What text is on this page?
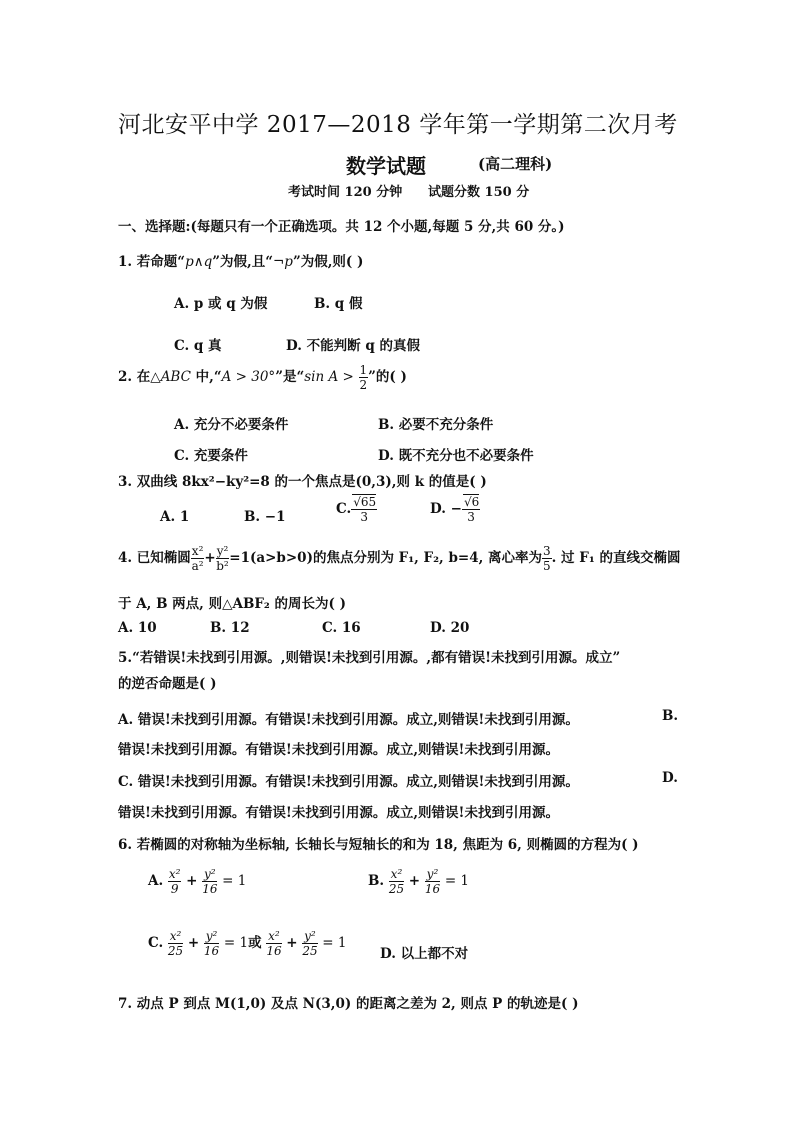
河北安平中学 2017—2018 学年第一学期第二次月考
数学试题	(高二理科)
考试时间 120 分钟 试题分数 150 分
一、选择题:(每题只有一个正确选项。共 12 个小题,每题 5 分,共 60 分。)
1. 若命题“p∧q”为假,且“¬p”为假,则( )
A. p 或 q 为假	B. q 假
C. q 真	D. 不能判断 q 的真假
2. 在△ABC 中,“A > 30°”是“sin $A > \frac{1}{2}$ ”的( )
A. 充分不必要条件	B. 必要不充分条件
C. 充要条件	D. 既不充分也不必要条件
3. 双曲线 8kx²−ky²=8 的一个焦点是(0,3),则 k 的值是( )
A. 1	B. −1	C. $\frac{√65}{3}$	D. − $\frac{√6}{3}$
4. 已知椭圆 $\frac{\text{x²}}{\text{a²}} + \frac{\text{y²}}{\text{b²}} =1(a>b>0)$的焦点分别为 F₁, F₂, b=4, 离心率为 $\frac{3}{5}$ . 过 F₁ 的直线交椭圆
于 A, B 两点, 则△ABF₂ 的周长为( )
A. 10	B. 12	C. 16	D. 20
5.“若错误!未找到引用源。,则错误!未找到引用源。,都有错误!未找到引用源。成立”
的逆否命题是( )
A. 错误!未找到引用源。有错误!未找到引用源。成立,则错误!未找到引用源。	B.
错误!未找到引用源。有错误!未找到引用源。成立,则错误!未找到引用源。
C. 错误!未找到引用源。有错误!未找到引用源。成立,则错误!未找到引用源。	D.
错误!未找到引用源。有错误!未找到引用源。成立,则错误!未找到引用源。
6. 若椭圆的对称轴为坐标轴, 长轴长与短轴长的和为 18, 焦距为 6, 则椭圆的方程为( )
A. $\frac{\text{x²}}{9} + \frac{\text{y²}}{16} = 1$	B. $\frac{\text{x²}}{25} + \frac{\text{y²}}{16} = 1$
C. $\frac{\text{x²}}{25} + \frac{\text{y²}}{16} = 1$或 $\frac{\text{x²}}{16} + \frac{\text{y²}}{25} = 1$
D. 以上都不对
7. 动点 P 到点 M(1,0) 及点 N(3,0) 的距离之差为 2, 则点 P 的轨迹是( )
